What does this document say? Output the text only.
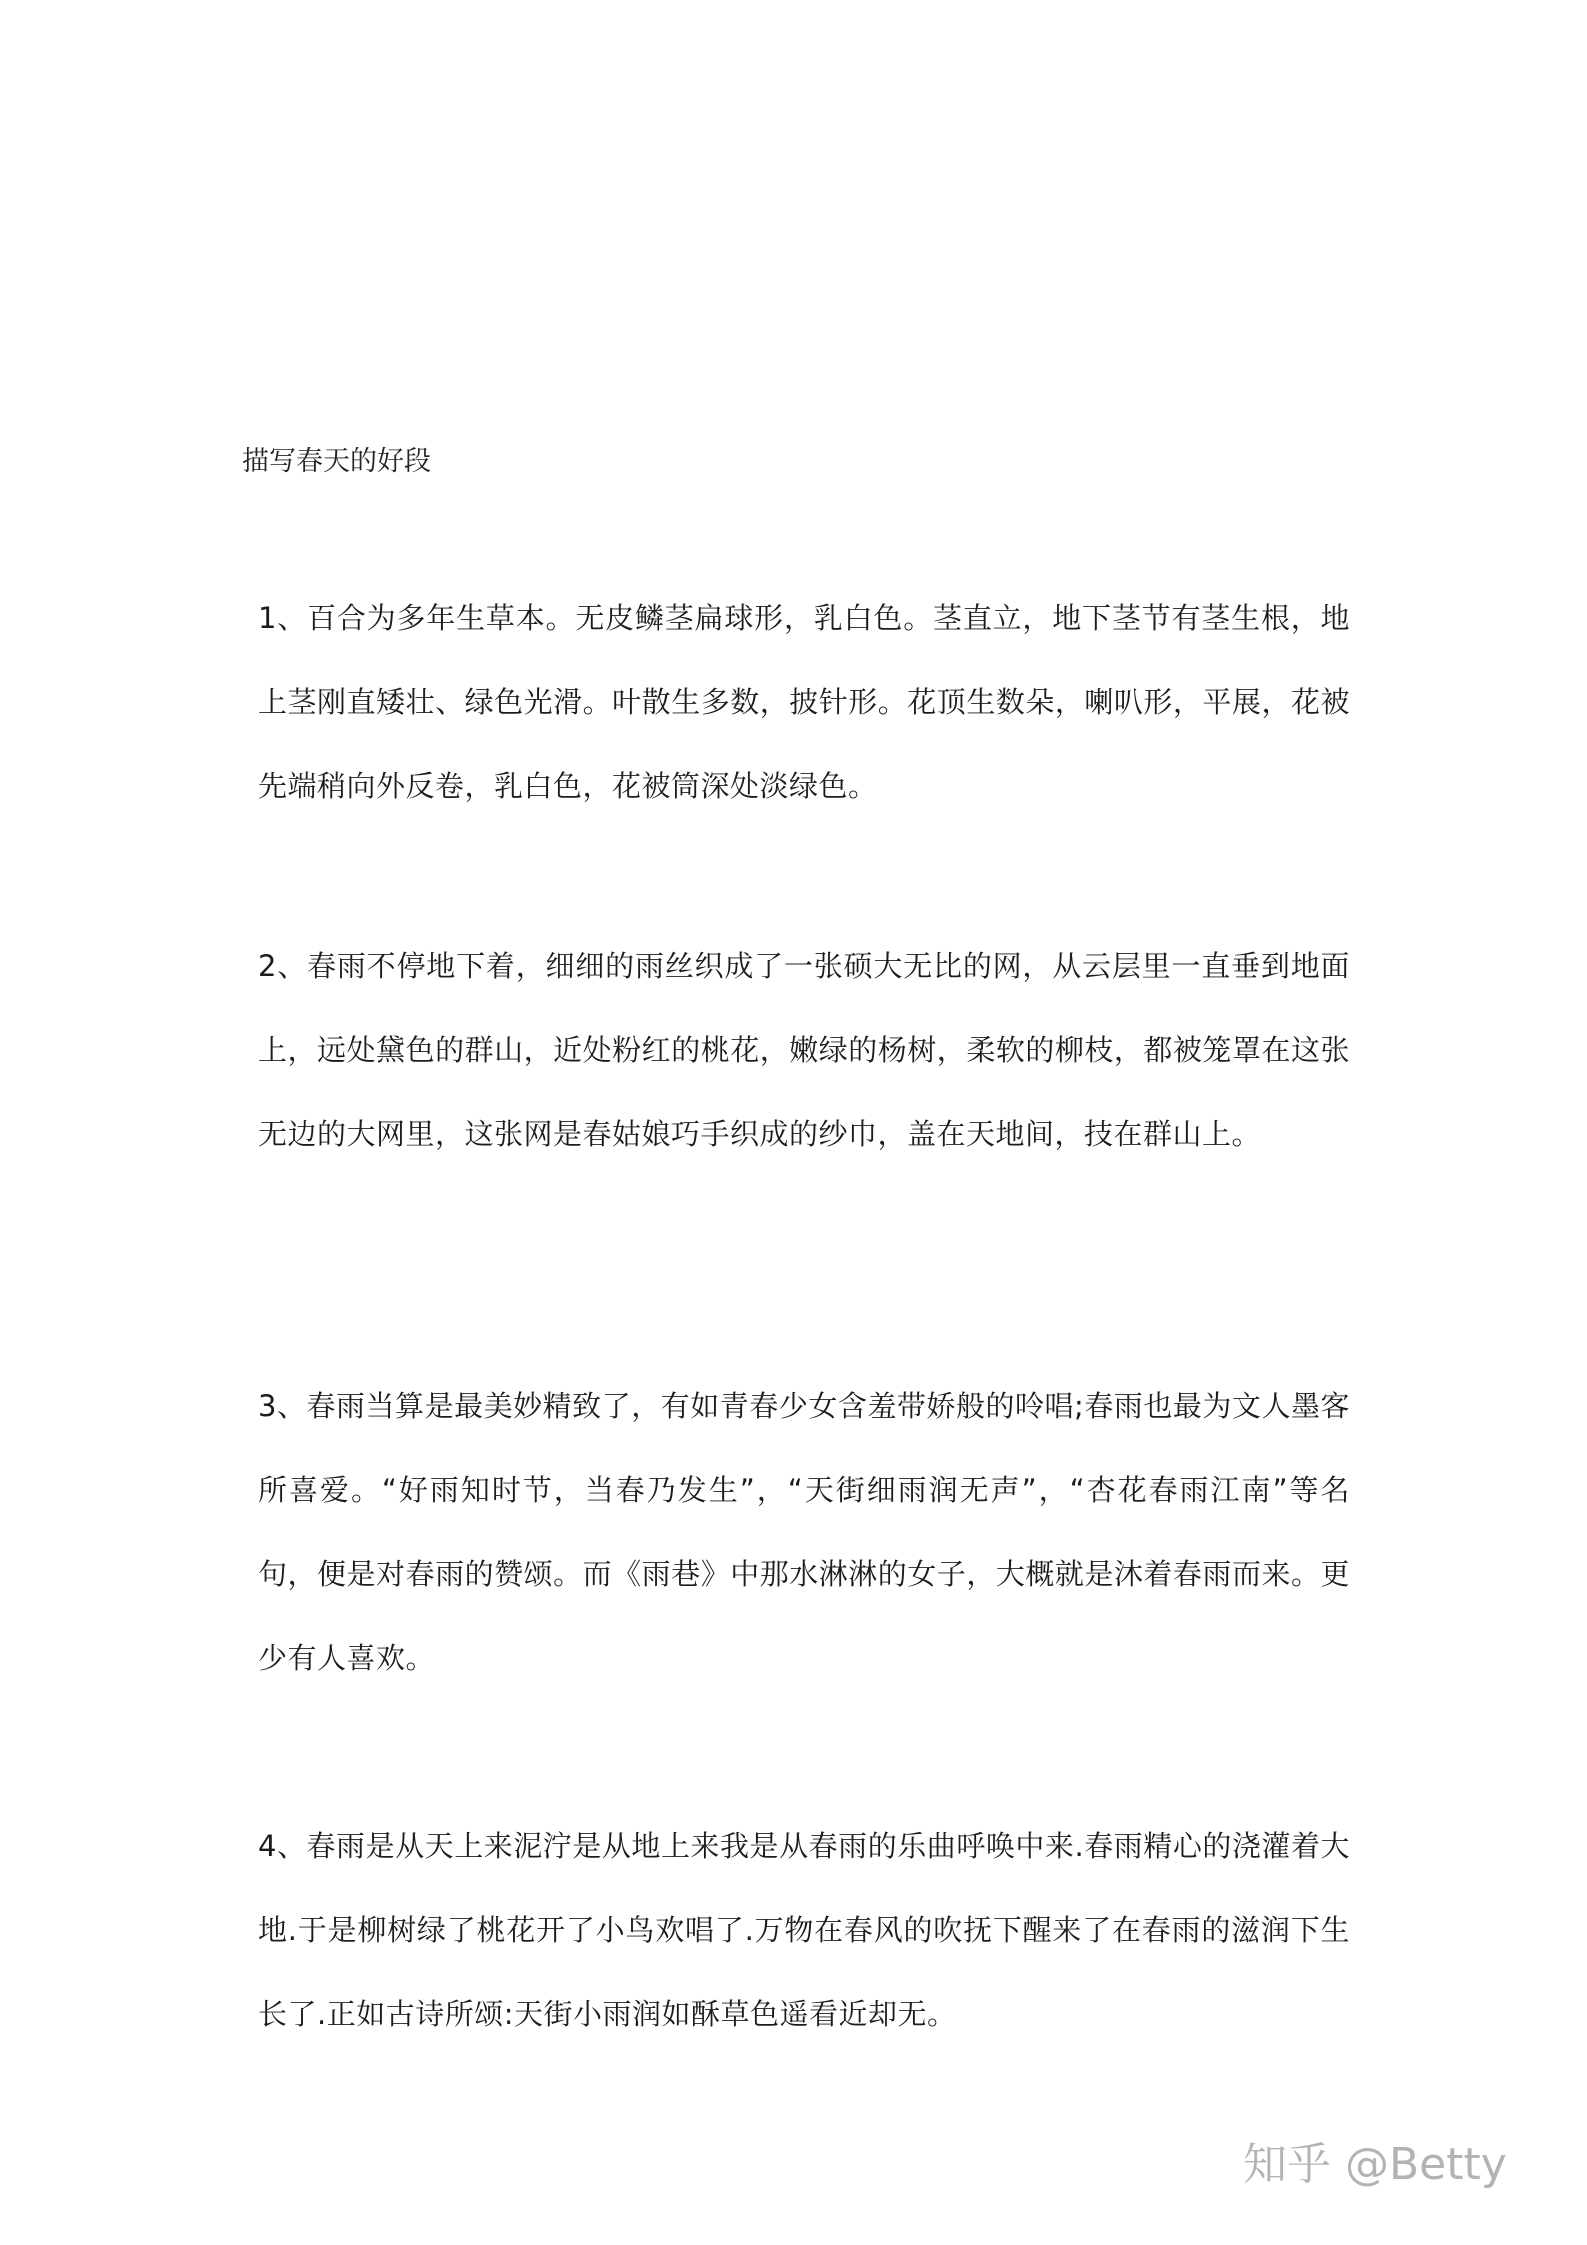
描写春天的好段

1、百合为多年生草本。无皮鳞茎扁球形，乳白色。茎直立，地下茎节有茎生根，地上茎刚直矮壮、绿色光滑。叶散生多数，披针形。花顶生数朵，喇叭形，平展，花被先端稍向外反卷，乳白色，花被筒深处淡绿色。

2、春雨不停地下着，细细的雨丝织成了一张硕大无比的网，从云层里一直垂到地面上，远处黛色的群山，近处粉红的桃花，嫩绿的杨树，柔软的柳枝，都被笼罩在这张无边的大网里，这张网是春姑娘巧手织成的纱巾，盖在天地间，技在群山上。

3、春雨当算是最美妙精致了，有如青春少女含羞带娇般的呤唱;春雨也最为文人墨客所喜爱。“好雨知时节，当春乃发生”，“天街细雨润无声”，“杏花春雨江南”等名句，便是对春雨的赞颂。而《雨巷》中那水淋淋的女子，大概就是沐着春雨而来。更少有人喜欢。

4、春雨是从天上来泥泞是从地上来我是从春雨的乐曲呼唤中来.春雨精心的浇灌着大地.于是柳树绿了桃花开了小鸟欢唱了.万物在春风的吹抚下醒来了在春雨的滋润下生长了.正如古诗所颂:天街小雨润如酥草色遥看近却无。

知乎 @Betty
